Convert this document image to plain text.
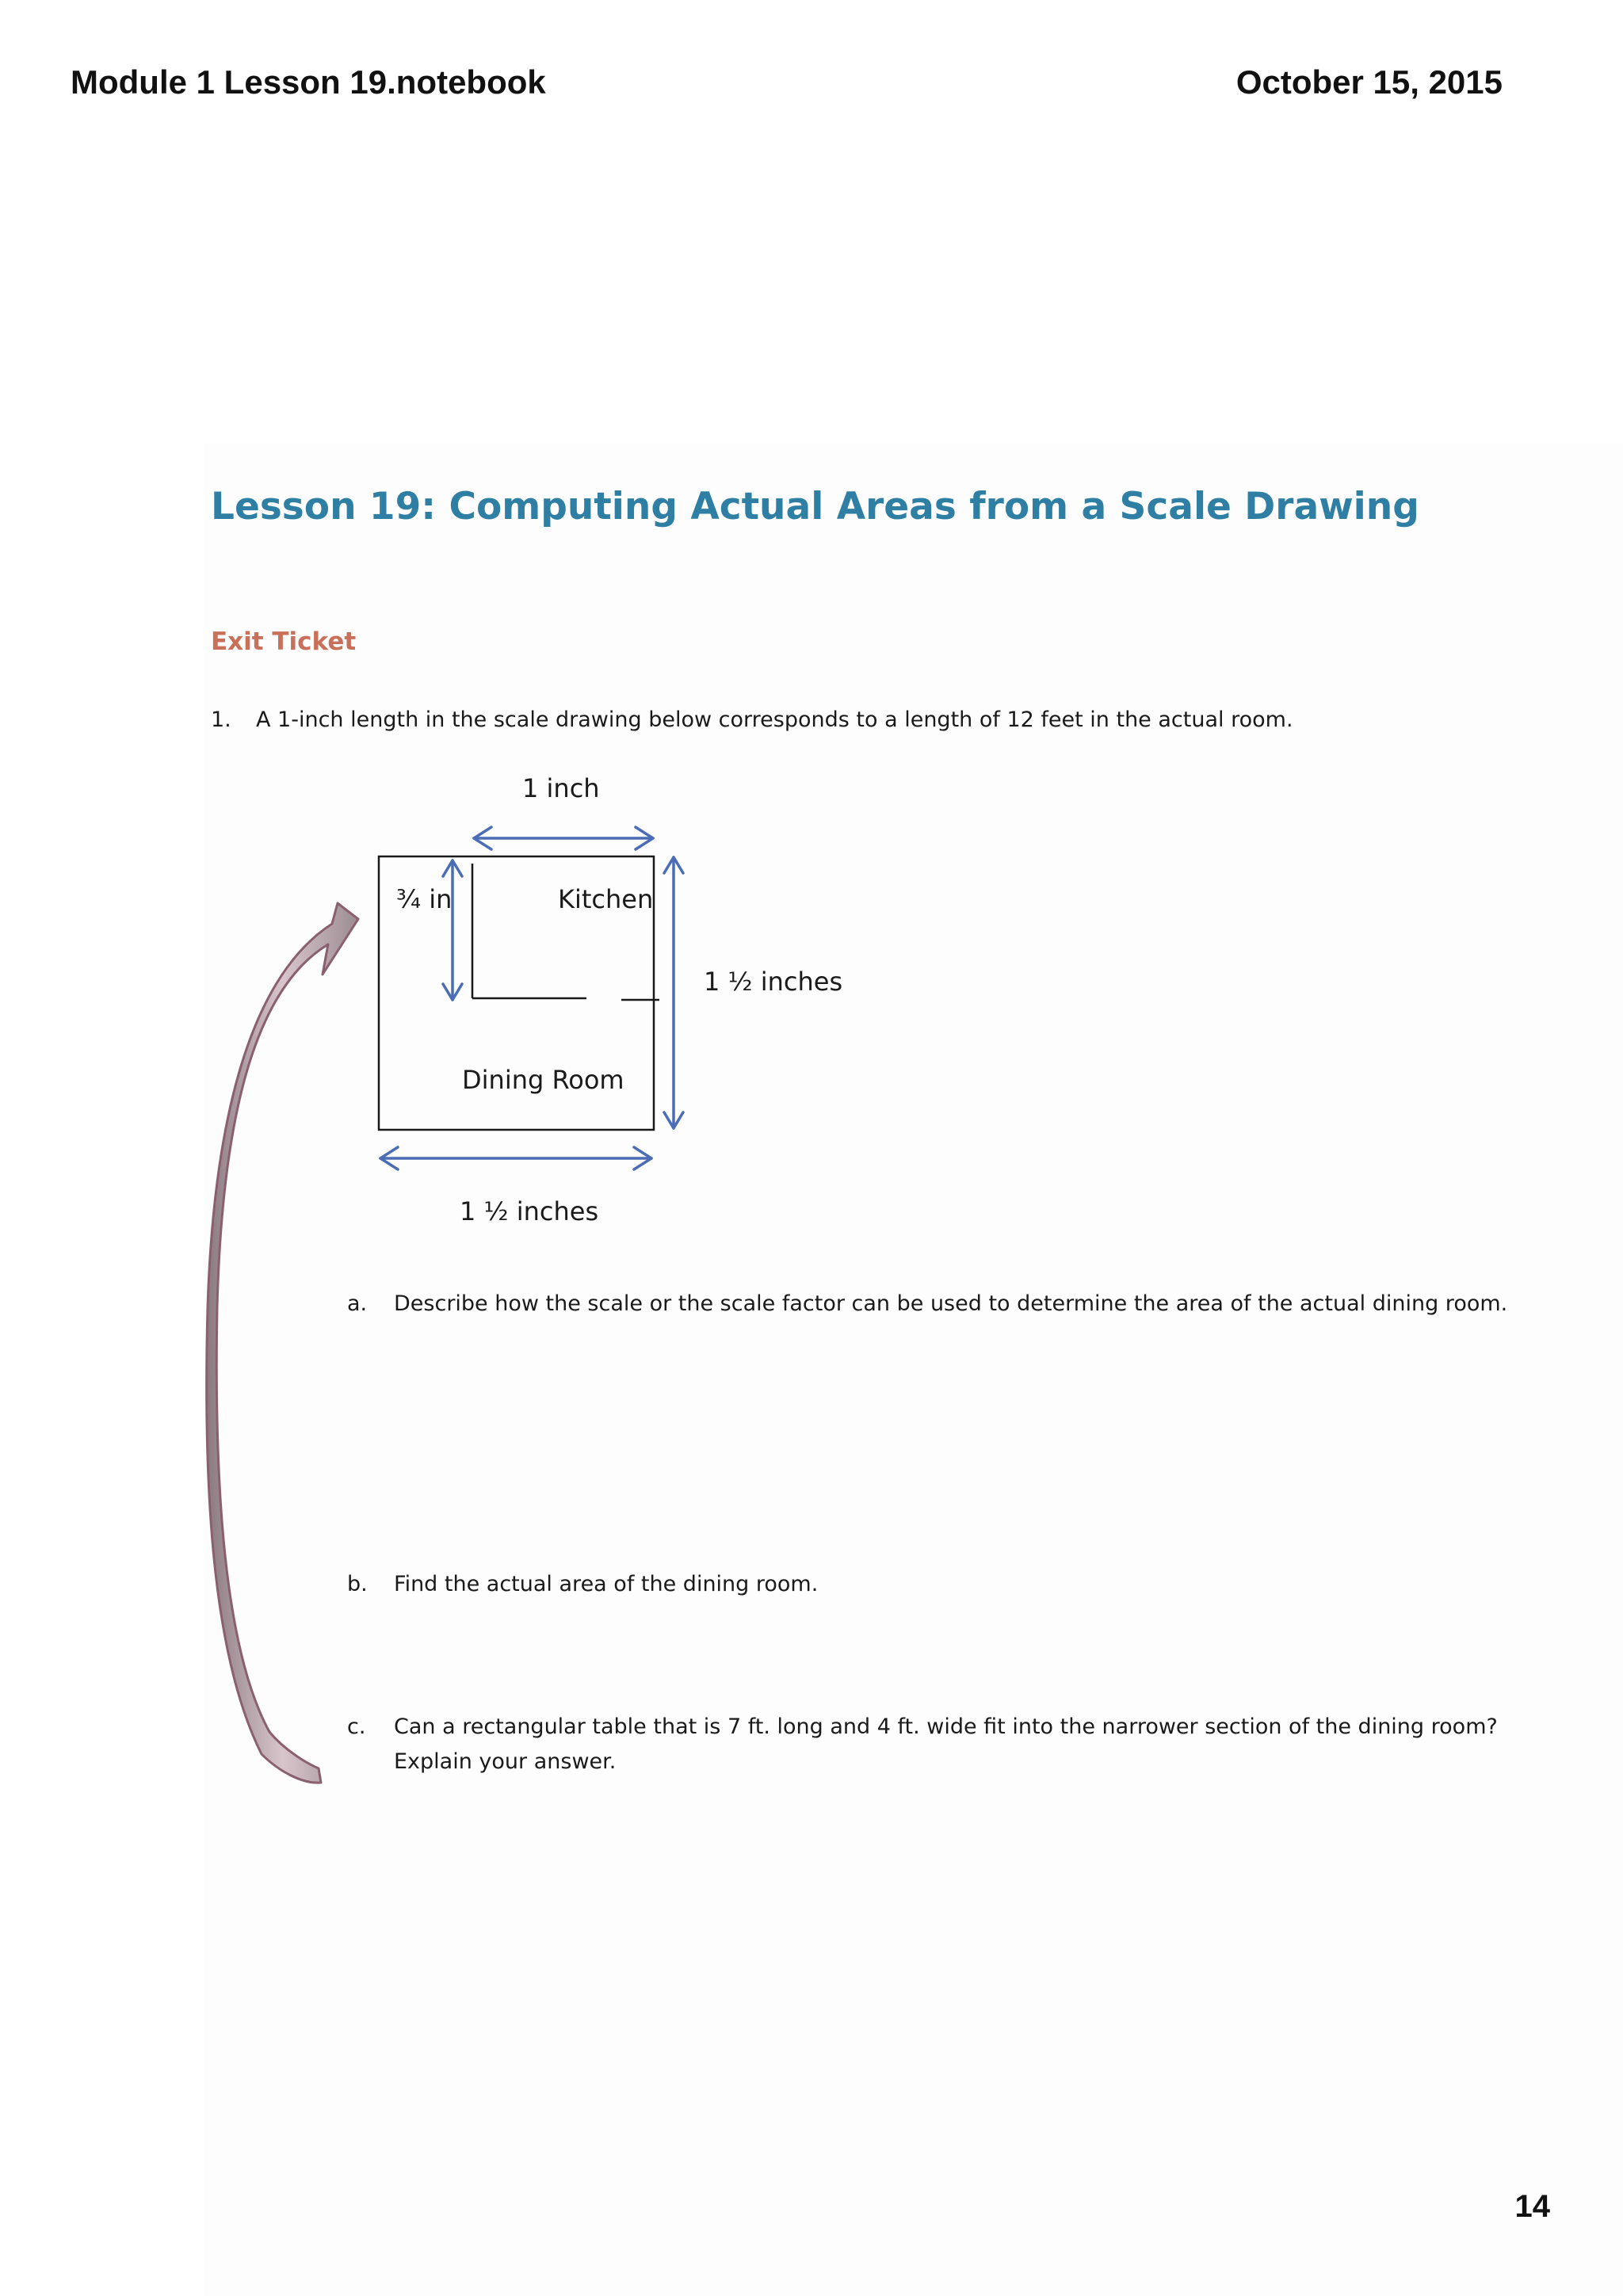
Module 1 Lesson 19.notebook	October 15, 2015
Lesson 19: Computing Actual Areas from a Scale Drawing
Exit Ticket
1. A 1-inch length in the scale drawing below corresponds to a length of 12 feet in the actual room.
1 inch
¾ in	Kitchen
1 ½ inches
Dining Room
1 ½ inches
a. Describe how the scale or the scale factor can be used to determine the area of the actual dining room.
b. Find the actual area of the dining room.
c. Can a rectangular table that is 7 ft. long and 4 ft. wide fit into the narrower section of the dining room?
Explain your answer.
14
